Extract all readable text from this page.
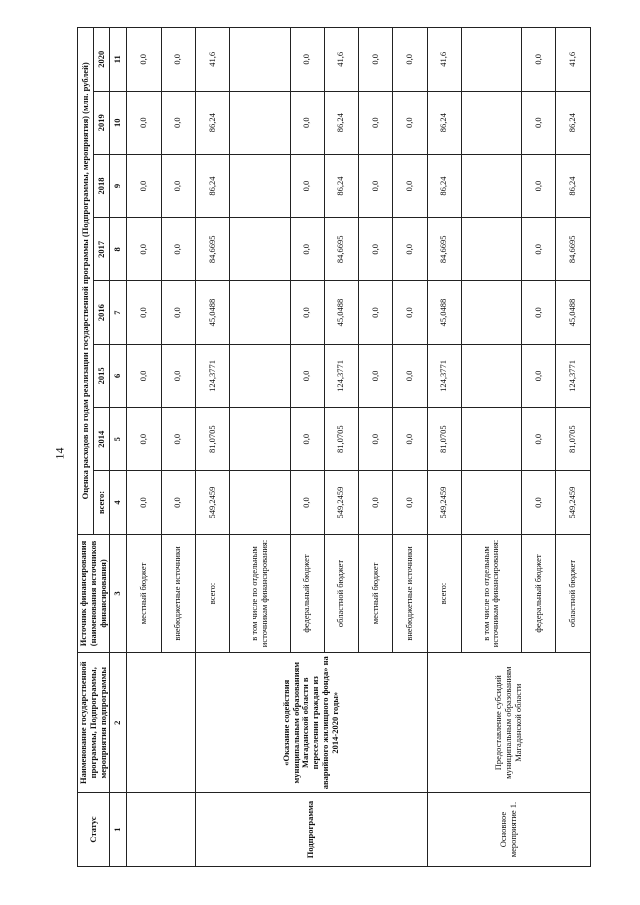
14
Статус	Наименование государственной программы, Подпрограммы, мероприятия подпрограммы	Источник финансирования (наименования источников финансирования)	Оценка расходов по годам реализации государственной программы (Подпрограммы, мероприятия) (млн. рублей)							
			всего:	2014	2015	2016	2017	2018	2019	2020
1	2	3	4	5	6	7	8	9	10	11
		местный бюджет	0,0	0,0	0,0	0,0	0,0	0,0	0,0	0,0
		внебюджетные источники	0,0	0,0	0,0	0,0	0,0	0,0	0,0	0,0
Подпрограмма	«Оказание содействия муниципальным образованиям Магаданской области в переселении граждан из аварийного жилищного фонда» на 2014-2020 годы»	всего:	549,2459	81,0705	124,3771	45,0488	84,6695	86,24	86,24	41,6
		в том числе по отдельным источникам финансирования:								
		федеральный бюджет	0,0	0,0	0,0	0,0	0,0	0,0	0,0	0,0
		областной бюджет	549,2459	81,0705	124,3771	45,0488	84,6695	86,24	86,24	41,6
		местный бюджет	0,0	0,0	0,0	0,0	0,0	0,0	0,0	0,0
		внебюджетные источники	0,0	0,0	0,0	0,0	0,0	0,0	0,0	0,0
Основное мероприятие 1.	Предоставление субсидий муниципальным образованиям Магаданской области	всего:	549,2459	81,0705	124,3771	45,0488	84,6695	86,24	86,24	41,6
		в том числе по отдельным источникам финансирования:								
		федеральный бюджет	0,0	0,0	0,0	0,0	0,0	0,0	0,0	0,0
		областной бюджет	549,2459	81,0705	124,3771	45,0488	84,6695	86,24	86,24	41,6
